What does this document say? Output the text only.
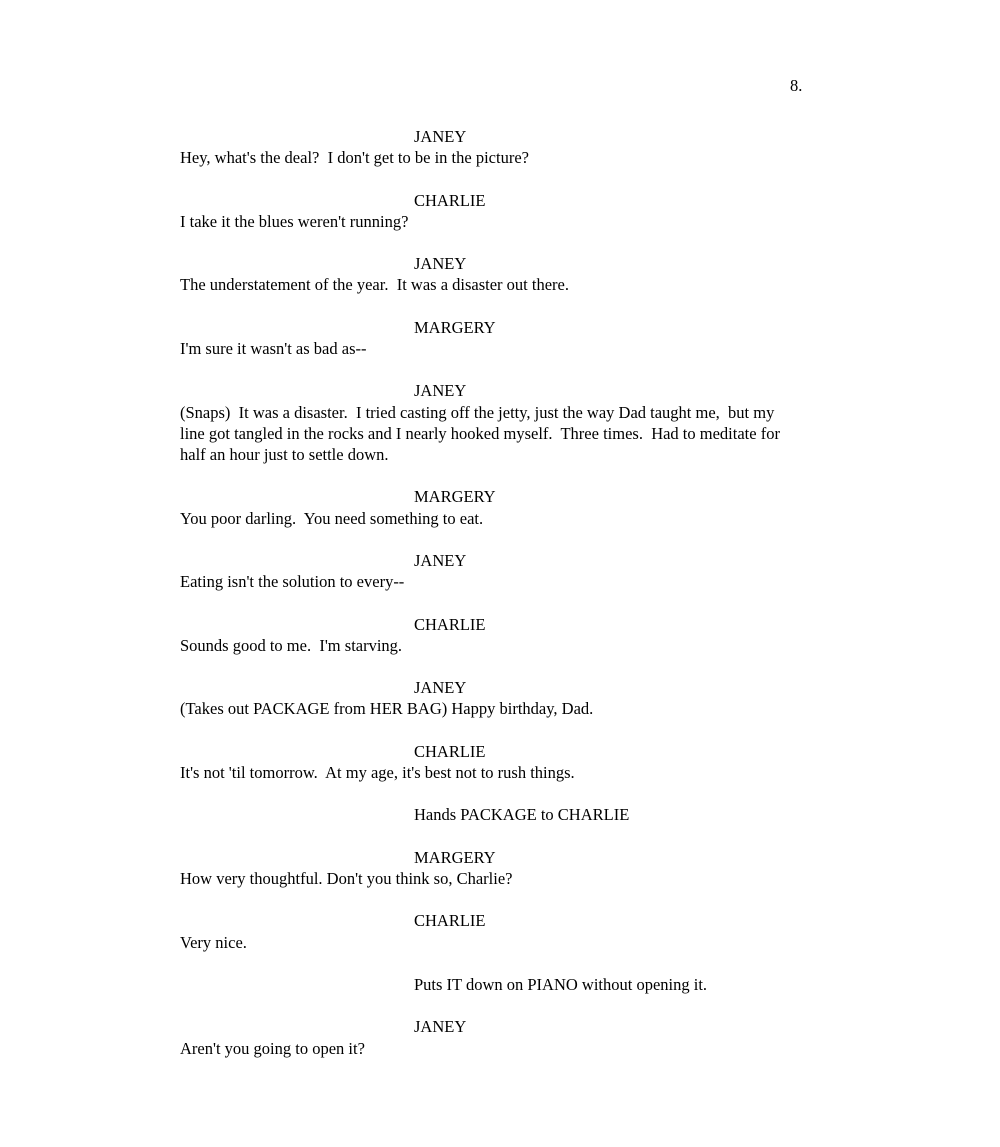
8.
JANEY
Hey, what's the deal?  I don't get to be in the picture?
CHARLIE
I take it the blues weren't running?
JANEY
The understatement of the year.  It was a disaster out there.
MARGERY
I'm sure it wasn't as bad as--
JANEY
(Snaps)  It was a disaster.  I tried casting off the jetty, just the way Dad taught me,  but my
line got tangled in the rocks and I nearly hooked myself.  Three times.  Had to meditate for
half an hour just to settle down.
MARGERY
You poor darling.  You need something to eat.
JANEY
Eating isn't the solution to every--
CHARLIE
Sounds good to me.  I'm starving.
JANEY
(Takes out PACKAGE from HER BAG) Happy birthday, Dad.
CHARLIE
It's not 'til tomorrow.  At my age, it's best not to rush things.
Hands PACKAGE to CHARLIE
MARGERY
How very thoughtful. Don't you think so, Charlie?
CHARLIE
Very nice.
Puts IT down on PIANO without opening it.
JANEY
Aren't you going to open it?
